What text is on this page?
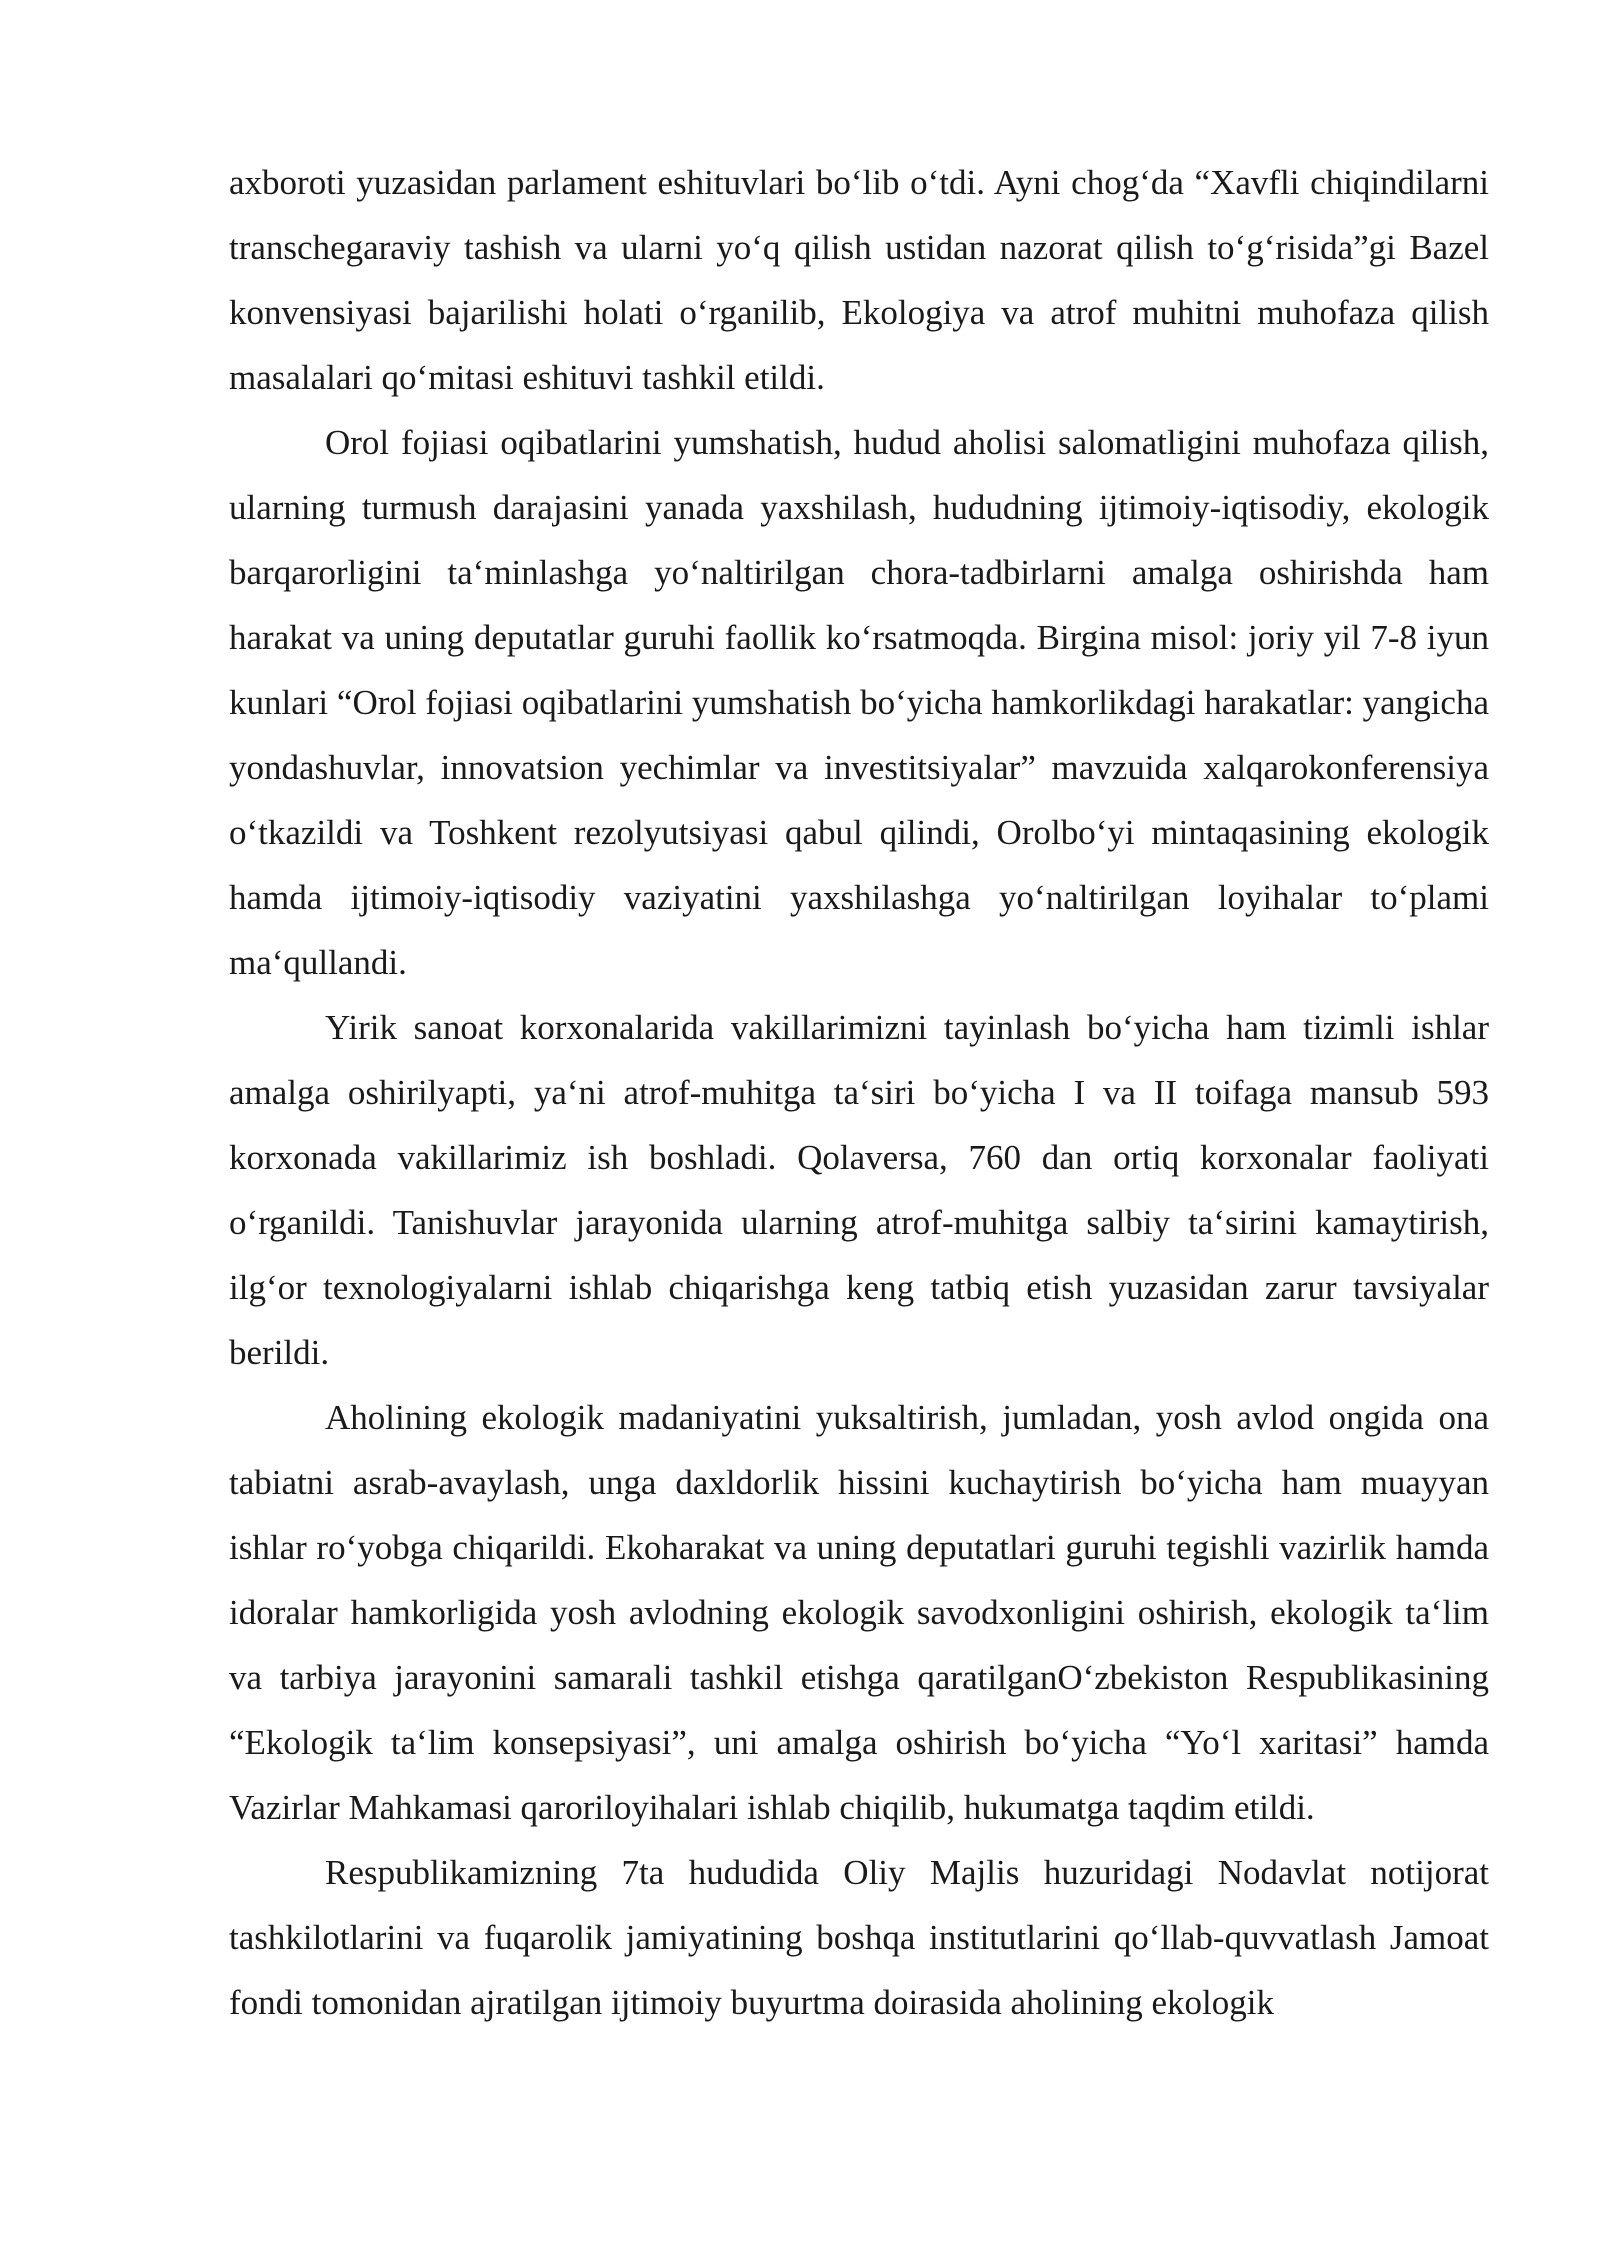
axboroti yuzasidan parlament eshituvlari bo‘lib o‘tdi. Ayni chog‘da “Xavfli chiqindilarni transchegaraviy tashish va ularni yo‘q qilish ustidan nazorat qilish to‘g‘risida”gi Bazel konvensiyasi bajarilishi holati o‘rganilib, Ekologiya va atrof muhitni muhofaza qilish masalalari qo‘mitasi eshituvi tashkil etildi.

Orol fojiasi oqibatlarini yumshatish, hudud aholisi salomatligini muhofaza qilish, ularning turmush darajasini yanada yaxshilash, hududning ijtimoiy-iqtisodiy, ekologik barqarorligini ta‘minlashga yo‘naltirilgan chora-tadbirlarni amalga oshirishda ham harakat va uning deputatlar guruhi faollik ko‘rsatmoqda. Birgina misol: joriy yil 7-8 iyun kunlari “Orol fojiasi oqibatlarini yumshatish bo‘yicha hamkorlikdagi harakatlar: yangicha yondashuvlar, innovatsion yechimlar va investitsiyalar” mavzuida xalqarokonferensiya o‘tkazildi va Toshkent rezolyutsiyasi qabul qilindi, Orolbo‘yi mintaqasining ekologik hamda ijtimoiy-iqtisodiy vaziyatini yaxshilashga yo‘naltirilgan loyihalar to‘plami ma‘qullandi.

Yirik sanoat korxonalarida vakillarimizni tayinlash bo‘yicha ham tizimli ishlar amalga oshirilyapti, ya‘ni atrof-muhitga ta‘siri bo‘yicha I va II toifaga mansub 593 korxonada vakillarimiz ish boshladi. Qolaversa, 760 dan ortiq korxonalar faoliyati o‘rganildi. Tanishuvlar jarayonida ularning atrof-muhitga salbiy ta‘sirini kamaytirish, ilg‘or texnologiyalarni ishlab chiqarishga keng tatbiq etish yuzasidan zarur tavsiyalar berildi.

Aholining ekologik madaniyatini yuksaltirish, jumladan, yosh avlod ongida ona tabiatni asrab-avaylash, unga daxldorlik hissini kuchaytirish bo‘yicha ham muayyan ishlar ro‘yobga chiqarildi. Ekoharakat va uning deputatlari guruhi tegishli vazirlik hamda idoralar hamkorligida yosh avlodning ekologik savodxonligini oshirish, ekologik ta‘lim va tarbiya jarayonini samarali tashkil etishga qaratilganO‘zbekiston Respublikasining “Ekologik ta‘lim konsepsiyasi”, uni amalga oshirish bo‘yicha “Yo‘l xaritasi” hamda Vazirlar Mahkamasi qaroriloyihalari ishlab chiqilib, hukumatga taqdim etildi.

Respublikamizning 7ta hududida Oliy Majlis huzuridagi Nodavlat notijorat tashkilotlarini va fuqarolik jamiyatining boshqa institutlarini qo‘llab-quvvatlash Jamoat fondi tomonidan ajratilgan ijtimoiy buyurtma doirasida aholining ekologik
